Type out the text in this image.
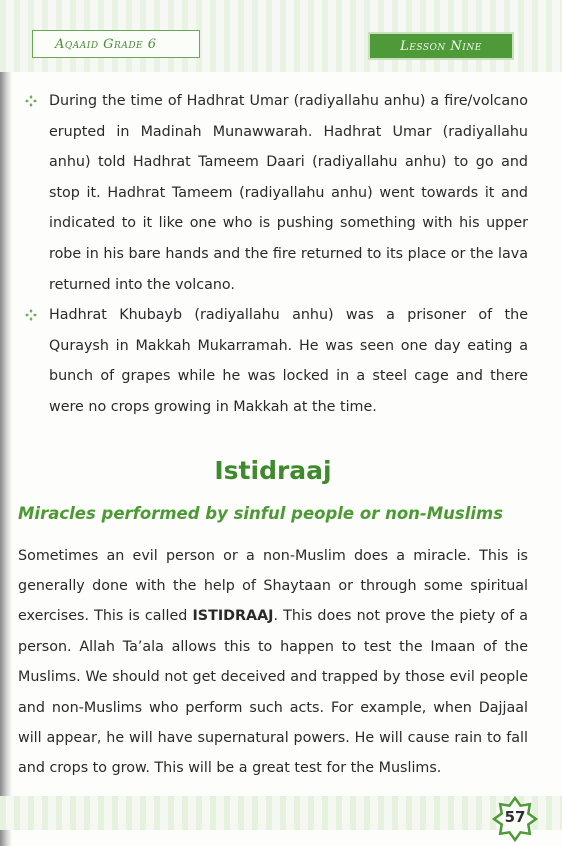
Aqaaid Grade 6	Lesson Nine
During the time of Hadhrat Umar (radiyallahu anhu) a fire/volcano erupted in Madinah Munawwarah. Hadhrat Umar (radiyallahu anhu) told Hadhrat Tameem Daari (radiyallahu anhu) to go and stop it. Hadhrat Tameem (radiyallahu anhu) went towards it and indicated to it like one who is pushing something with his upper robe in his bare hands and the fire returned to its place or the lava returned into the volcano.
Hadhrat Khubayb (radiyallahu anhu) was a prisoner of the Quraysh in Makkah Mukarramah. He was seen one day eating a bunch of grapes while he was locked in a steel cage and there were no crops growing in Makkah at the time.
Istidraaj
Miracles performed by sinful people or non-Muslims

Sometimes an evil person or a non-Muslim does a miracle. This is generally done with the help of Shaytaan or through some spiritual exercises. This is called ISTIDRAAJ. This does not prove the piety of a person. Allah Ta’ala allows this to happen to test the Imaan of the Muslims. We should not get deceived and trapped by those evil people and non-Muslims who perform such acts. For example, when Dajjaal will appear, he will have supernatural powers. He will cause rain to fall and crops to grow. This will be a great test for the Muslims.

57
